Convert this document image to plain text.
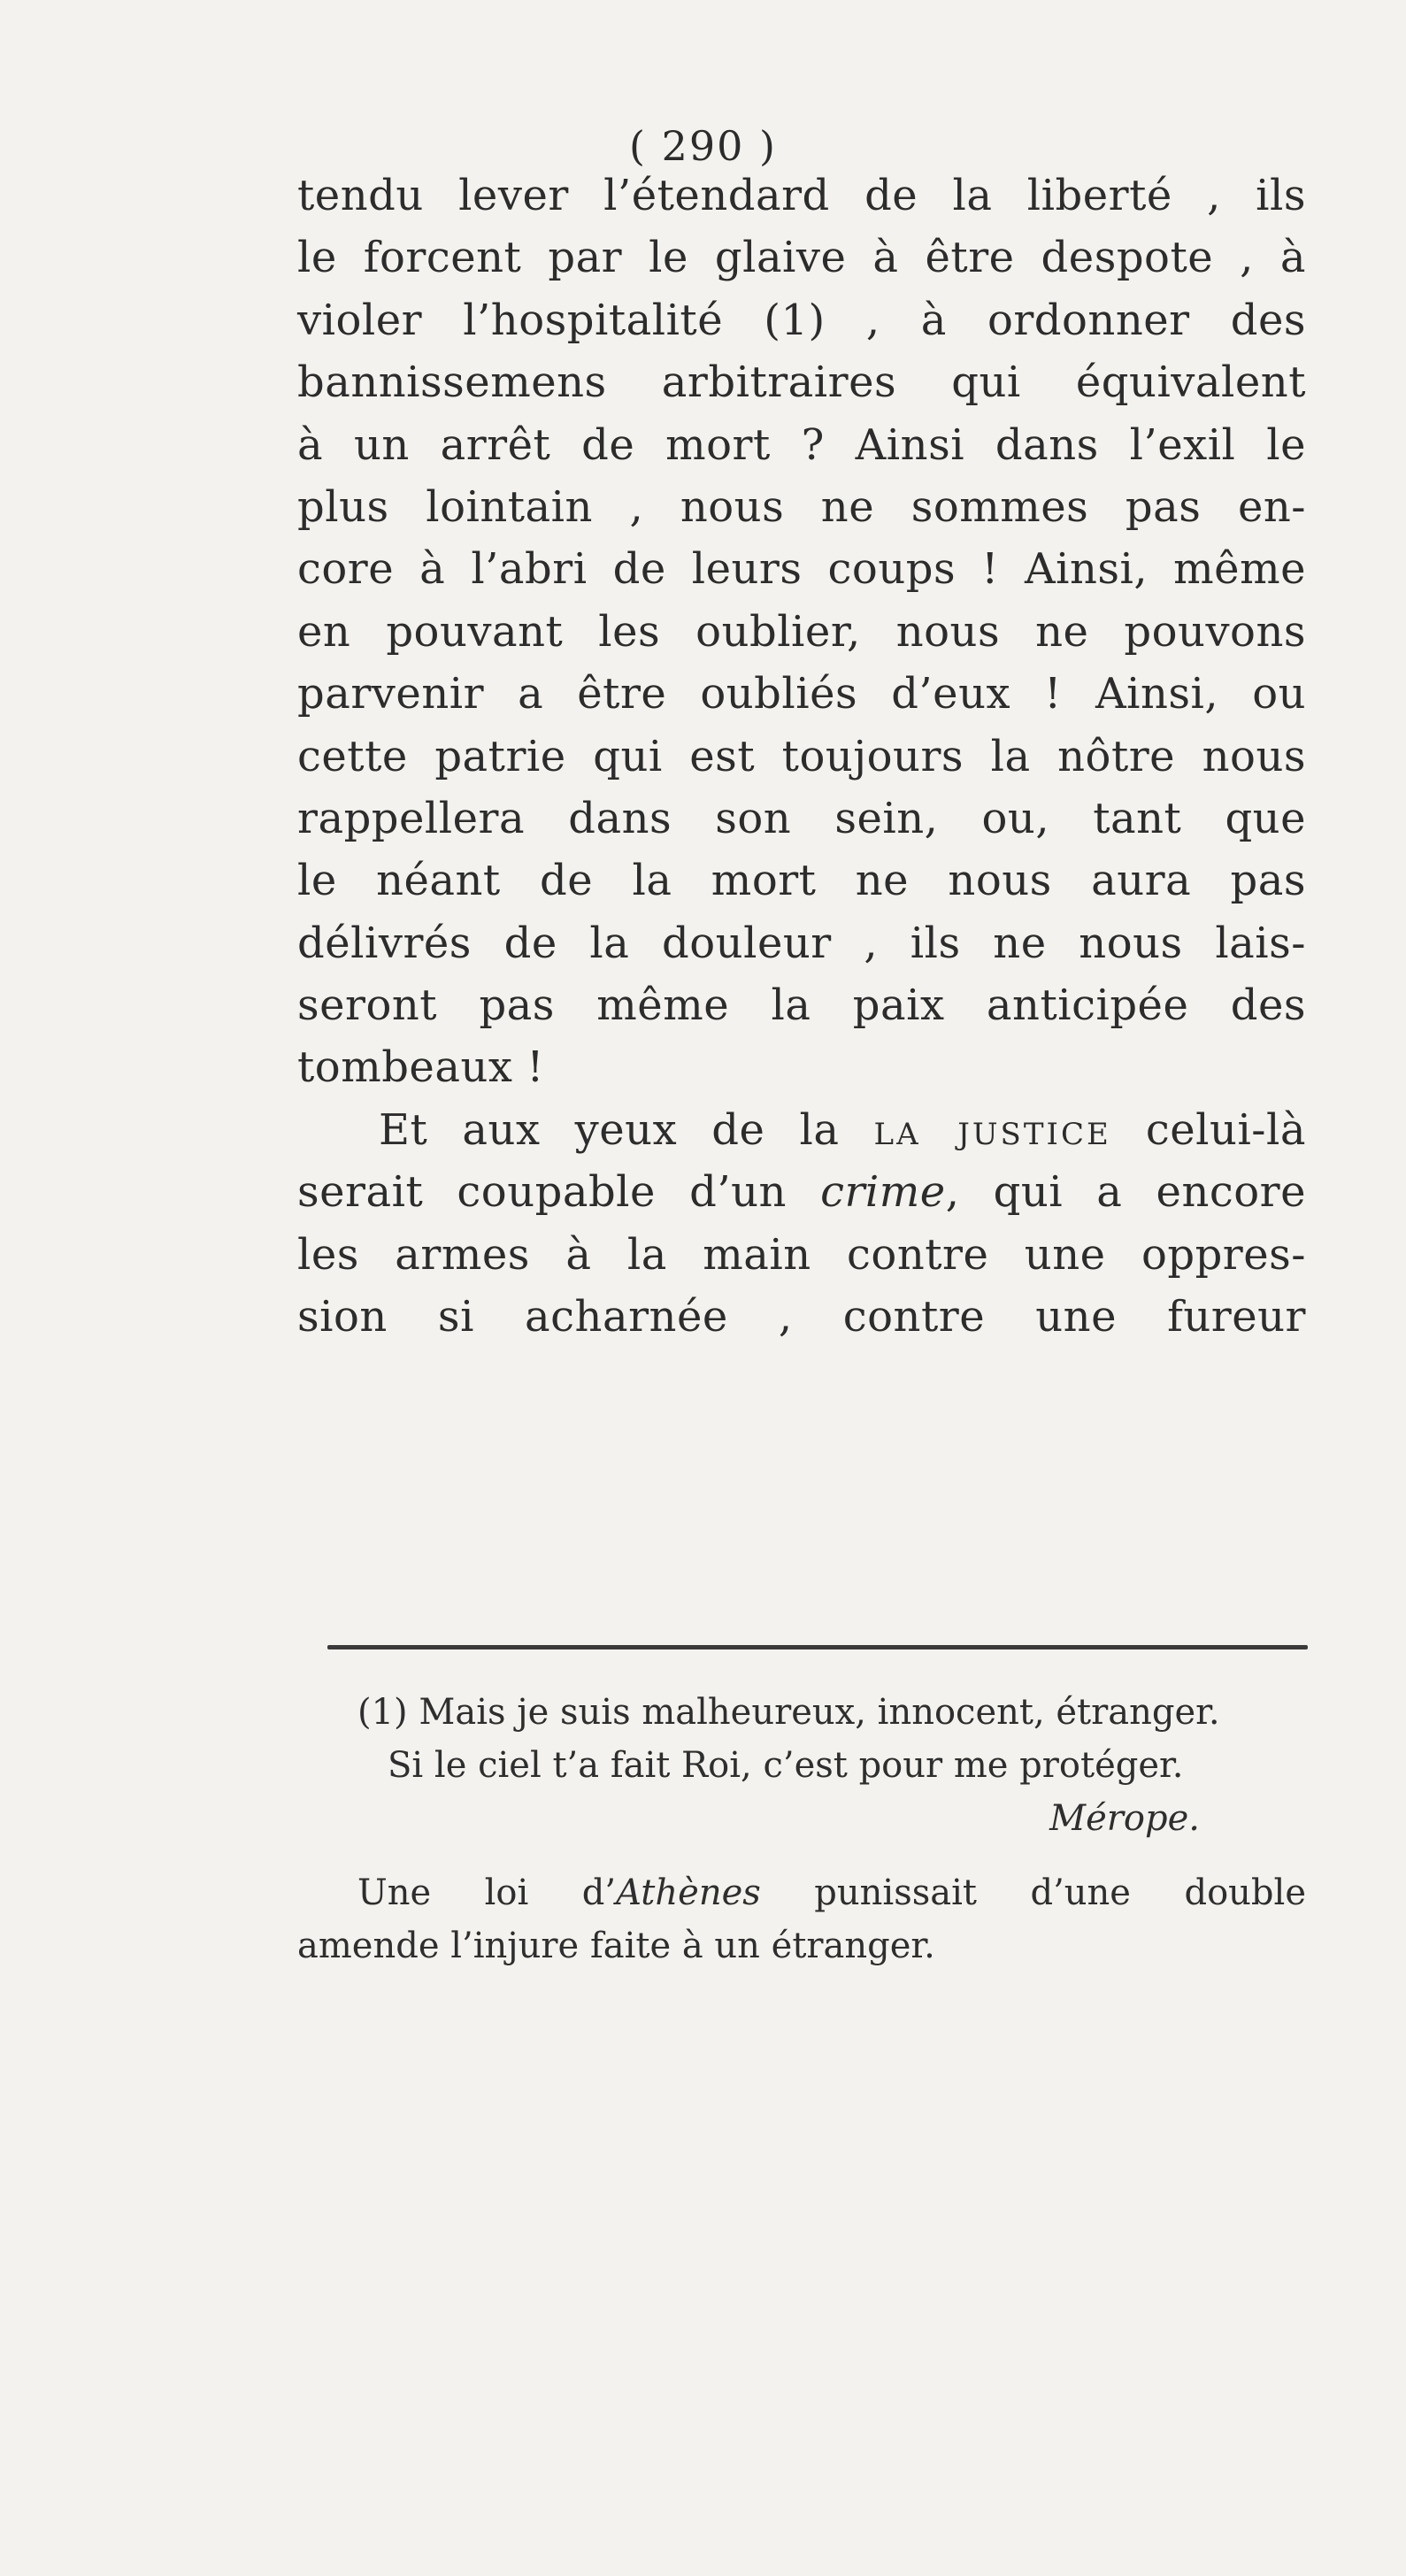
( 290 )
tendu lever l’étendard de la liberté , ils
le forcent par le glaive à être despote , à
violer l’hospitalité (1) , à ordonner des
bannissemens arbitraires qui équivalent
à un arrêt de mort ? Ainsi dans l’exil le
plus lointain , nous ne sommes pas en-
core à l’abri de leurs coups ! Ainsi, même
en pouvant les oublier, nous ne pouvons
parvenir a être oubliés d’eux ! Ainsi, ou
cette patrie qui est toujours la nôtre nous
rappellera dans son sein, ou, tant que
le néant de la mort ne nous aura pas
délivrés de la douleur , ils ne nous lais-
seront pas même la paix anticipée des
tombeaux !
Et aux yeux de la la justice celui-là
serait coupable d’un crime, qui a encore
les armes à la main contre une oppres-
sion si acharnée , contre une fureur
(1) Mais je suis malheureux, innocent, étranger.
Si le ciel t’a fait Roi, c’est pour me protéger.
Mérope.
Une loi d’Athènes punissait d’une double
amende l’injure faite à un étranger.
